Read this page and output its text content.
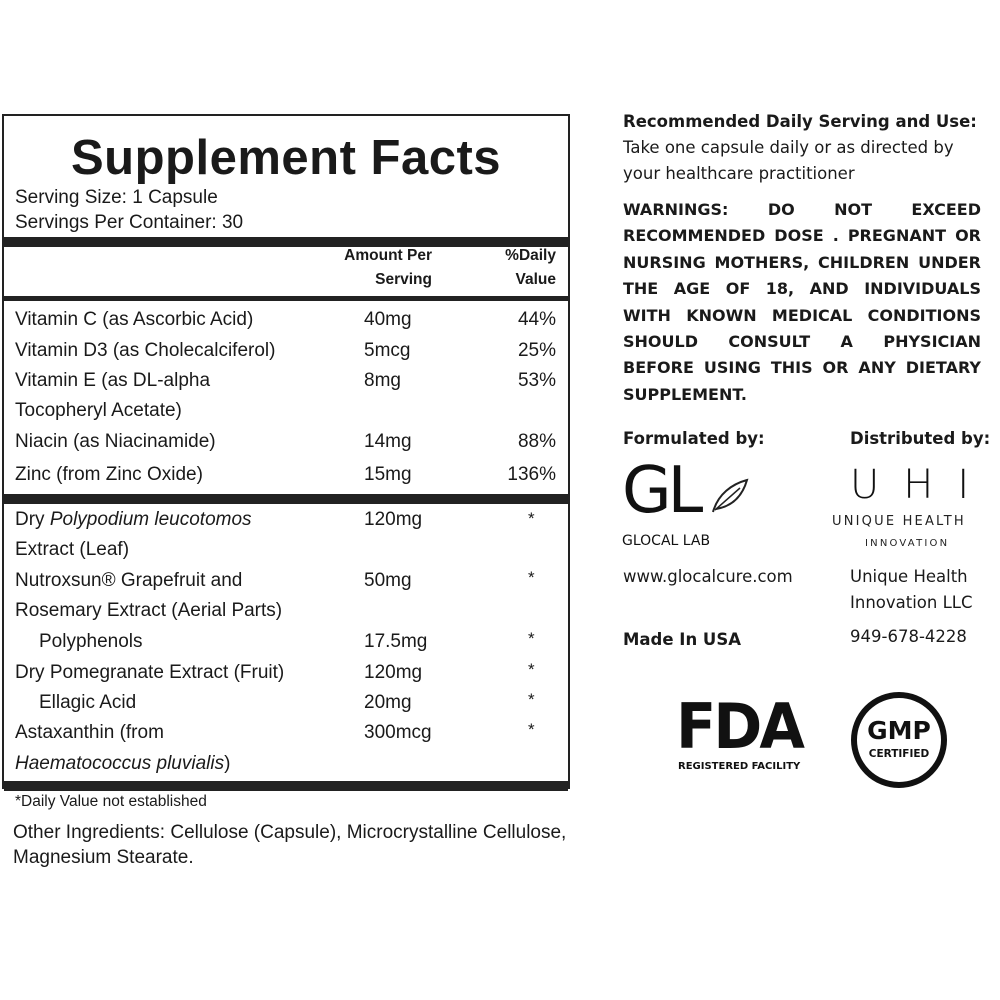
Supplement Facts
Serving Size: 1 Capsule
Servings Per Container: 30
Amount Per
Serving
%Daily
Value
Vitamin C (as Ascorbic Acid)	40mg	44%
Vitamin D3 (as Cholecalciferol)	5mcg	25%
Vitamin E (as DL-alpha
Tocopheryl Acetate)
8mg	53%
Niacin (as Niacinamide)	14mg	88%
Zinc (from Zinc Oxide)	15mg	136%
Dry Polypodium leucotomos
Extract (Leaf)
120mg	*
Nutroxsun® Grapefruit and
Rosemary Extract (Aerial Parts)
50mg	*
Polyphenols	17.5mg	*
Dry Pomegranate Extract (Fruit)	120mg	*
Ellagic Acid	20mg	*
Astaxanthin (from
Haematococcus pluvialis)
300mcg	*
*Daily Value not established
Other Ingredients: Cellulose (Capsule), Microcrystalline Cellulose, Magnesium Stearate.
Recommended Daily Serving and Use:
Take one capsule daily or as directed by
your healthcare practitioner
WARNINGS: DO NOT EXCEED RECOMMENDED DOSE . PREGNANT OR NURSING MOTHERS, CHILDREN UNDER THE AGE OF 18, AND INDIVIDUALS WITH KNOWN MEDICAL CONDITIONS SHOULD CONSULT A PHYSICIAN BEFORE USING THIS OR ANY DIETARY SUPPLEMENT.
Formulated by:	Distributed by:
GL
GLOCAL LAB
UHI
UNIQUE HEALTH
INNOVATION
www.glocalcure.com	Unique Health
Innovation LLC
Made In USA	949-678-4228
FDA
REGISTERED FACILITY
GMP
CERTIFIED
